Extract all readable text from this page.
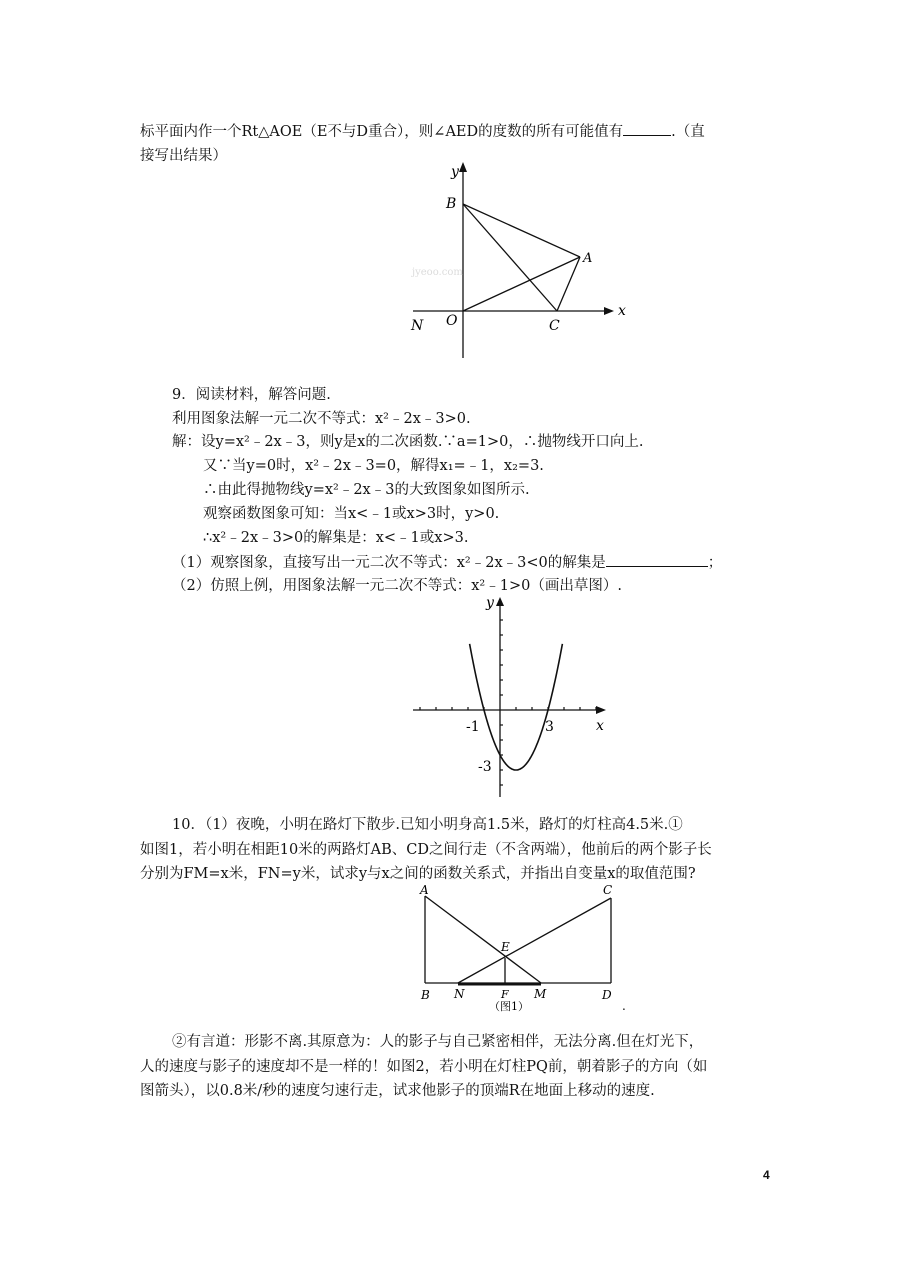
标平面内作一个Rt△AOE（E不与D重合），则∠AED的度数的所有可能值有	.（直
接写出结果）
y
B
A
O
N	C
x
jyeoo.com
9．阅读材料，解答问题.
利用图象法解一元二次不等式：x²﹣2x﹣3>0.
解：设y=x²﹣2x﹣3，则y是x的二次函数.∵a=1>0，∴抛物线开口向上.
又∵当y=0时，x²﹣2x﹣3=0，解得x₁=﹣1，x₂=3.
∴由此得抛物线y=x²﹣2x﹣3的大致图象如图所示.
观察函数图象可知：当x<﹣1或x>3时，y>0.
∴x²﹣2x﹣3>0的解集是：x<﹣1或x>3.
（1）观察图象，直接写出一元二次不等式：x²﹣2x﹣3<0的解集是	；
（2）仿照上例，用图象法解一元二次不等式：x²﹣1>0（画出草图）.
y
x
-1	3
-3
10．（1）夜晚，小明在路灯下散步.已知小明身高1.5米，路灯的灯柱高4.5米.①
如图1，若小明在相距10米的两路灯AB、CD之间行走（不含两端），他前后的两个影子长
分别为FM=x米，FN=y米，试求y与x之间的函数关系式，并指出自变量x的取值范围?
A	C
E
B N	F M	D
（图1）	.
②有言道：形影不离.其原意为：人的影子与自己紧密相伴，无法分离.但在灯光下，
人的速度与影子的速度却不是一样的！如图2，若小明在灯柱PQ前，朝着影子的方向（如
图箭头），以0.8米/秒的速度匀速行走，试求他影子的顶端R在地面上移动的速度.
4
